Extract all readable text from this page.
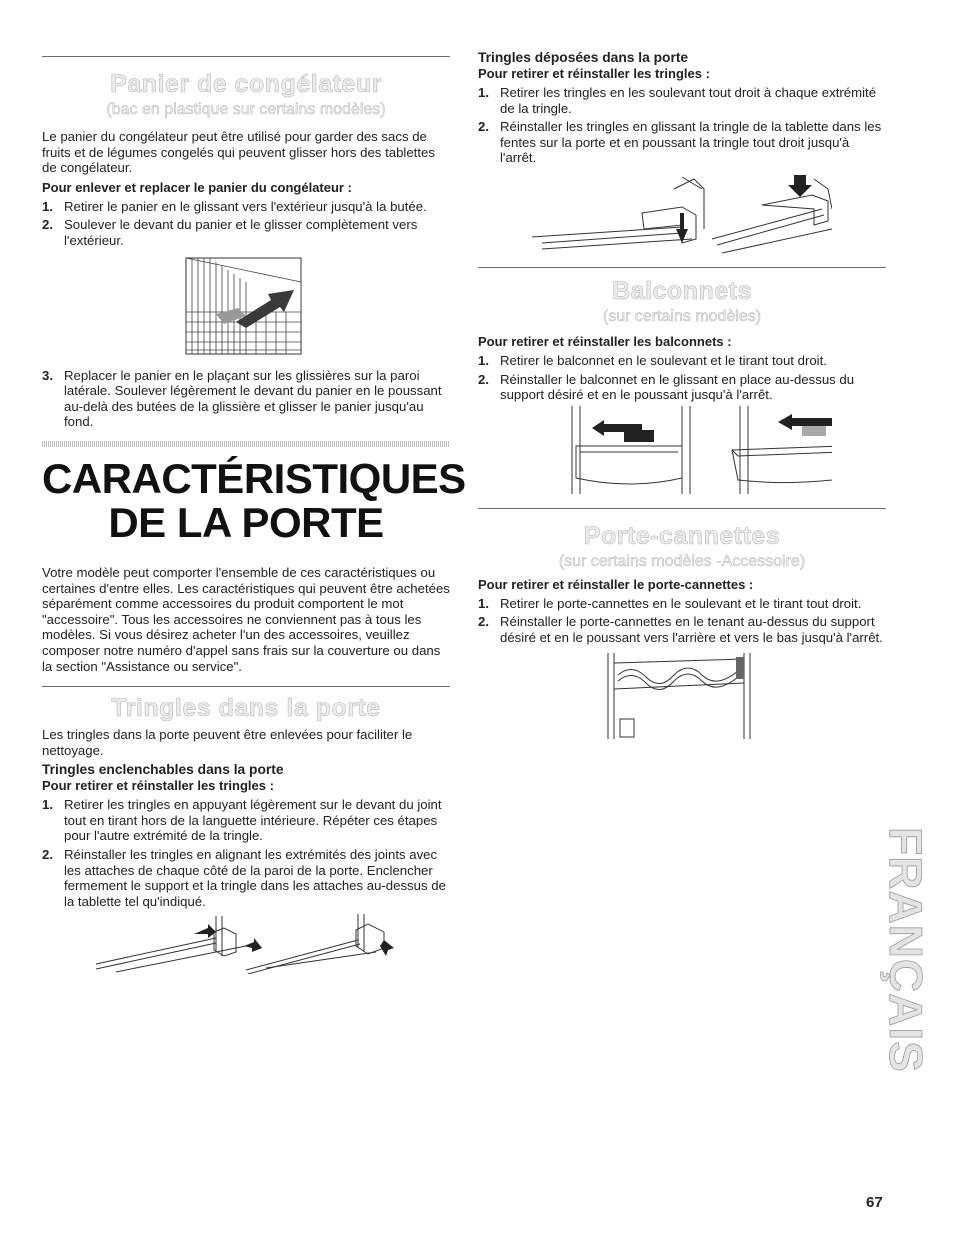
Panier de congélateur

(bac en plastique sur certains modèles)

Le panier du congélateur peut être utilisé pour garder des sacs de fruits et de légumes congelés qui peuvent glisser hors des tablettes de congélateur.

Pour enlever et replacer le panier du congélateur :

1. Retirer le panier en le glissant vers l'extérieur jusqu'à la butée.
2. Soulever le devant du panier et le glisser complètement vers l'extérieur.
3. Replacer le panier en le plaçant sur les glissières sur la paroi latérale. Soulever légèrement le devant du panier en le poussant au-delà des butées de la glissière et glisser le panier jusqu'au fond.
CARACTÉRISTIQUES
DE LA PORTE

Votre modèle peut comporter l'ensemble de ces caractéristiques ou certaines d'entre elles. Les caractéristiques qui peuvent être achetées séparément comme accessoires du produit comportent le mot "accessoire". Tous les accessoires ne conviennent pas à tous les modèles. Si vous désirez acheter l'un des accessoires, veuillez composer notre numéro d'appel sans frais sur la couverture ou dans la section "Assistance ou service".

Tringles dans la porte

Les tringles dans la porte peuvent être enlevées pour faciliter le nettoyage.

Tringles enclenchables dans la porte

Pour retirer et réinstaller les tringles :

1. Retirer les tringles en appuyant légèrement sur le devant du joint tout en tirant hors de la languette intérieure. Répéter ces étapes pour l'autre extrémité de la tringle.
2. Réinstaller les tringles en alignant les extrémités des joints avec les attaches de chaque côté de la paroi de la porte. Enclencher fermement le support et la tringle dans les attaches au-dessus de la tablette tel qu'indiqué.

Tringles déposées dans la porte

Pour retirer et réinstaller les tringles :

1. Retirer les tringles en les soulevant tout droit à chaque extrémité de la tringle.
2. Réinstaller les tringles en glissant la tringle de la tablette dans les fentes sur la porte et en poussant la tringle tout droit jusqu'à l'arrêt.
Balconnets

(sur certains modèles)

Pour retirer et réinstaller les balconnets :

1. Retirer le balconnet en le soulevant et le tirant tout droit.
2. Réinstaller le balconnet en le glissant en place au-dessus du support désiré et en le poussant jusqu'à l'arrêt.
Porte-cannettes

(sur certains modèles -Accessoire)

Pour retirer et réinstaller le porte-cannettes :

1. Retirer le porte-cannettes en le soulevant et le tirant tout droit.
2. Réinstaller le porte-cannettes en le tenant au-dessus du support désiré et en le poussant vers l'arrière et vers le bas jusqu'à l'arrêt.
FRANÇAIS
67
